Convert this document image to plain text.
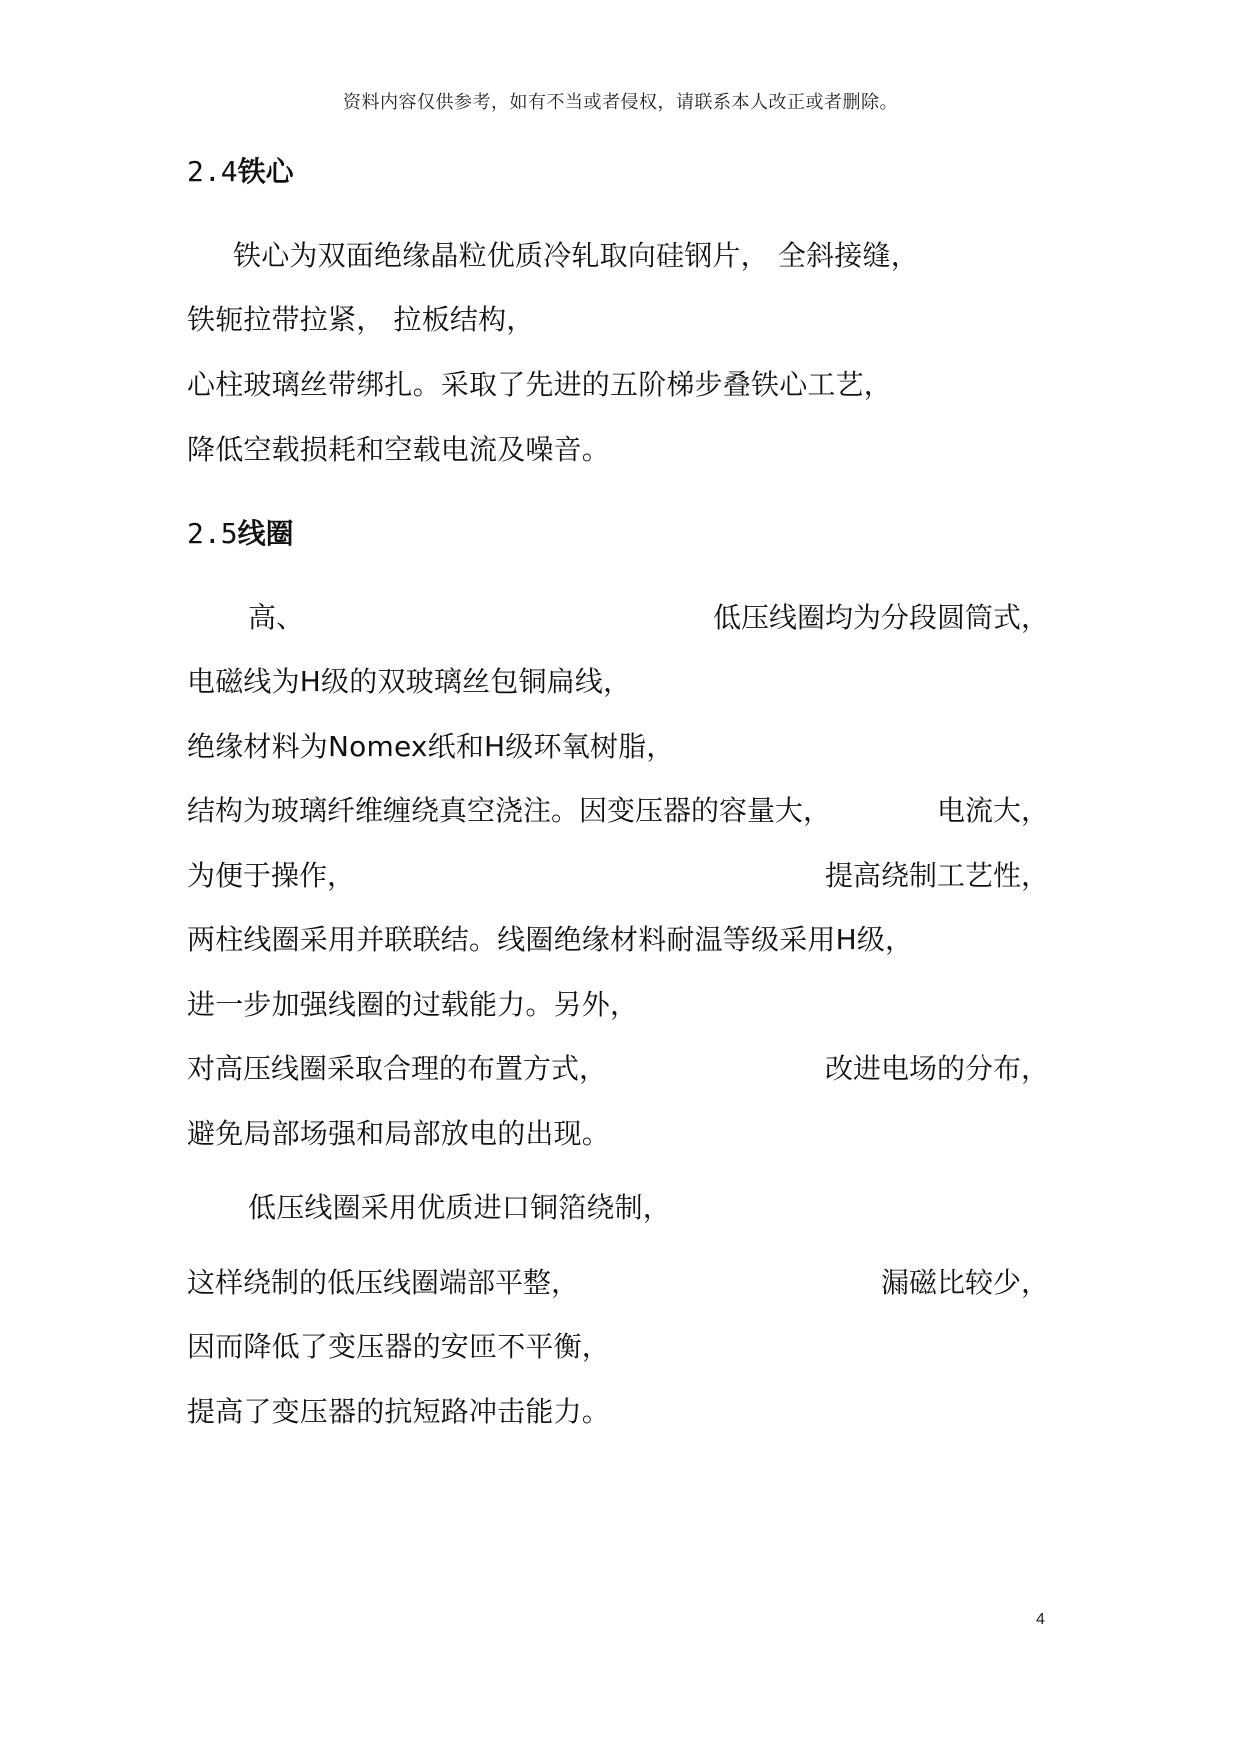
资料内容仅供参考，如有不当或者侵权，请联系本人改正或者删除。
2.4铁心
铁心为双面绝缘晶粒优质冷轧取向硅钢片， 全斜接缝，
铁轭拉带拉紧， 拉板结构，
心柱玻璃丝带绑扎。采取了先进的五阶梯步叠铁心工艺，
降低空载损耗和空载电流及噪音。
2.5线圈
高、	低压线圈均为分段圆筒式，
电磁线为H级的双玻璃丝包铜扁线，
绝缘材料为Nomex纸和H级环氧树脂，
结构为玻璃纤维缠绕真空浇注。因变压器的容量大，	电流大，
为便于操作，	提高绕制工艺性，
两柱线圈采用并联联结。线圈绝缘材料耐温等级采用H级，
进一步加强线圈的过载能力。另外，
对高压线圈采取合理的布置方式，	改进电场的分布，
避免局部场强和局部放电的出现。
低压线圈采用优质进口铜箔绕制，
这样绕制的低压线圈端部平整，	漏磁比较少，
因而降低了变压器的安匝不平衡，
提高了变压器的抗短路冲击能力。
4
